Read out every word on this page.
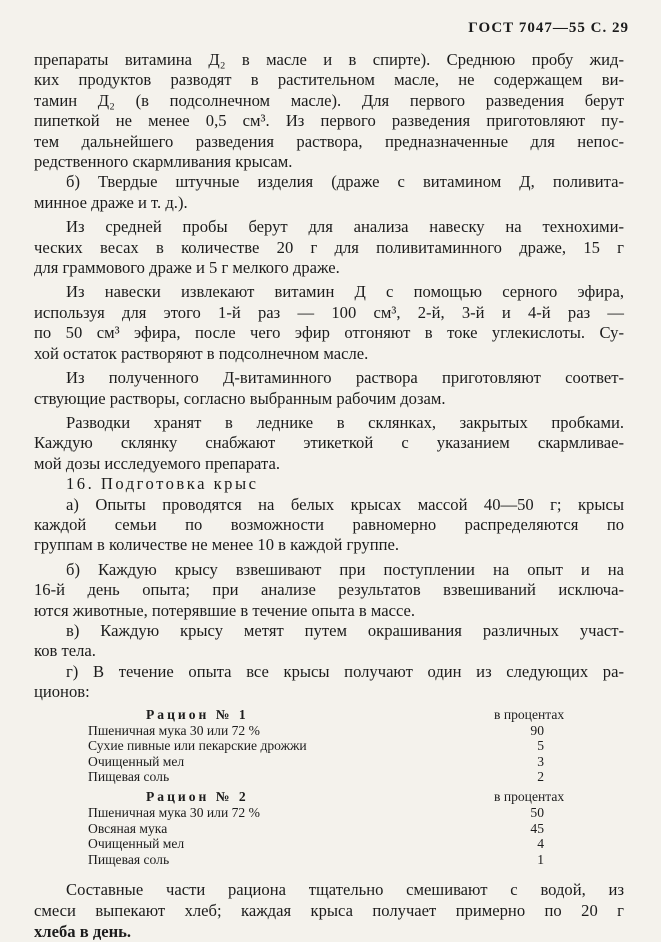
ГОСТ 7047—55 С. 29
препараты витамина Д₂ в масле и в спирте). Среднюю пробу жид-
ких продуктов разводят в растительном масле, не содержащем ви-
тамин Д₂ (в подсолнечном масле). Для первого разведения берут
пипеткой не менее 0,5 см³. Из первого разведения приготовляют пу-
тем дальнейшего разведения раствора, предназначенные для непос-
редственного скармливания крысам.
б) Твердые штучные изделия (драже с витамином Д, поливита-
минное драже и т. д.).
Из средней пробы берут для анализа навеску на технохими-
ческих весах в количестве 20 г для поливитаминного драже, 15 г
для граммового драже и 5 г мелкого драже.
Из навески извлекают витамин Д с помощью серного эфира,
используя для этого 1-й раз — 100 см³, 2-й, 3-й и 4-й раз —
по 50 см³ эфира, после чего эфир отгоняют в токе углекислоты. Су-
хой остаток растворяют в подсолнечном масле.
Из полученного Д-витаминного раствора приготовляют соответ-
ствующие растворы, согласно выбранным рабочим дозам.
Разводки хранят в леднике в склянках, закрытых пробками.
Каждую склянку снабжают этикеткой с указанием скармливае-
мой дозы исследуемого препарата.
16. Подготовка крыс
а) Опыты проводятся на белых крысах массой 40—50 г; крысы
каждой семьи по возможности равномерно распределяются по
группам в количестве не менее 10 в каждой группе.
б) Каждую крысу взвешивают при поступлении на опыт и на
16-й день опыта; при анализе результатов взвешиваний исключа-
ются животные, потерявшие в течение опыта в массе.
в) Каждую крысу метят путем окрашивания различных участ-
ков тела.
г) В течение опыта все крысы получают один из следующих ра-
ционов:
Рацион № 1	в процентах
Пшеничная мука 30 или 72 %	90
Сухие пивные или пекарские дрожжи	5
Очищенный мел	3
Пищевая соль	2
Рацион № 2	в процентах
Пшеничная мука 30 или 72 %	50
Овсяная мука	45
Очищенный мел	4
Пищевая соль	1
Составные части рациона тщательно смешивают с водой, из
смеси выпекают хлеб; каждая крыса получает примерно по 20 г
хлеба в день.
